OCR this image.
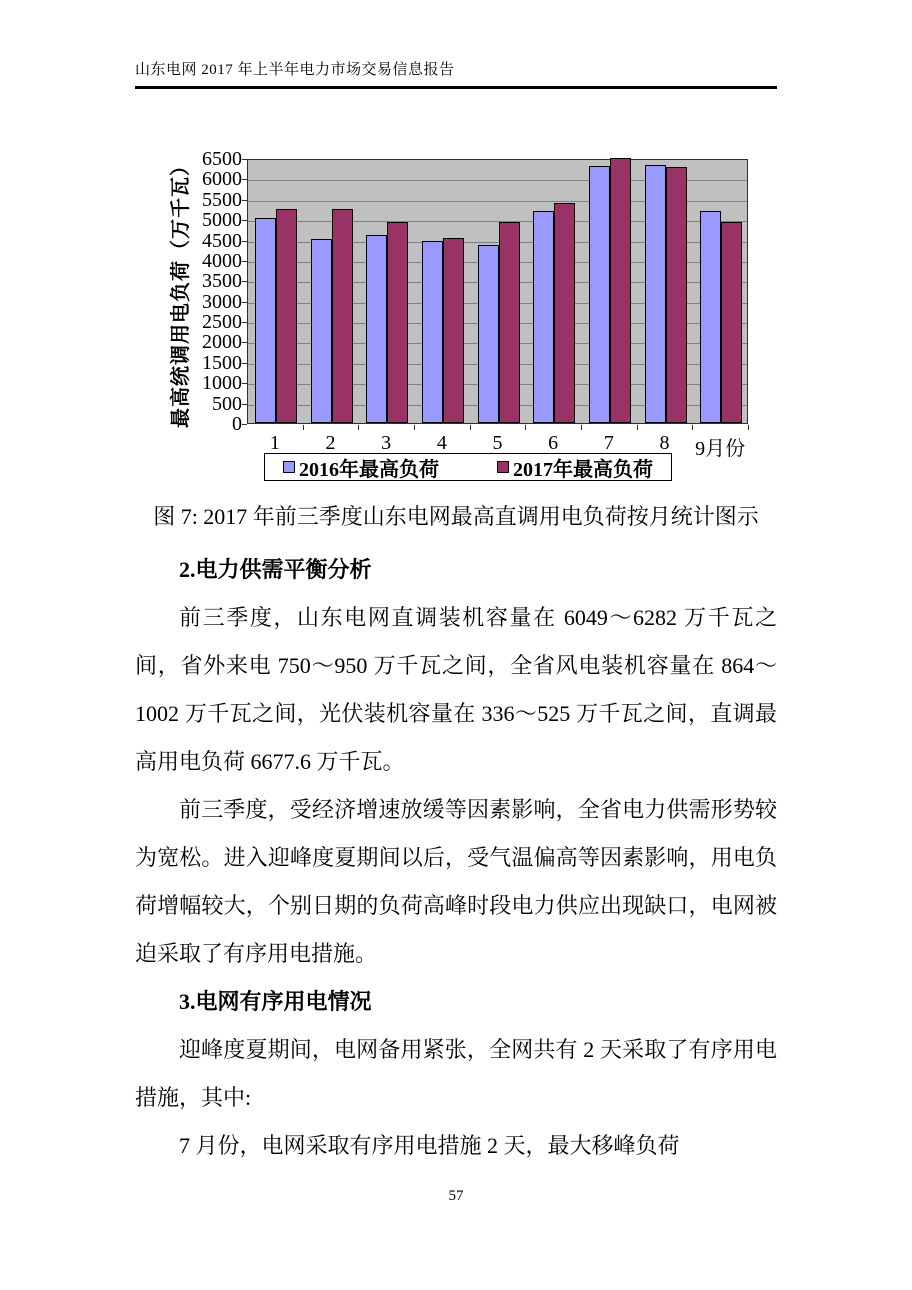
山东电网 2017 年上半年电力市场交易信息报告
最高统调用电负荷（万千瓦）
2016年最高负荷	2017年最高负荷
0
500
1000
1500
2000
2500
3000
3500
4000
4500
5000
5500
6000
6500
1	2	3	4	5	6	7	8	9月份

图 7: 2017 年前三季度山东电网最高直调用电负荷按月统计图示

2.电力供需平衡分析

前三季度，山东电网直调装机容量在 6049～6282 万千瓦之间，省外来电 750～950 万千瓦之间，全省风电装机容量在 864～1002 万千瓦之间，光伏装机容量在 336～525 万千瓦之间，直调最高用电负荷 6677.6 万千瓦。

前三季度，受经济增速放缓等因素影响，全省电力供需形势较为宽松。进入迎峰度夏期间以后，受气温偏高等因素影响，用电负荷增幅较大，个别日期的负荷高峰时段电力供应出现缺口，电网被迫采取了有序用电措施。

3.电网有序用电情况

迎峰度夏期间，电网备用紧张，全网共有 2 天采取了有序用电措施，其中:

7 月份，电网采取有序用电措施 2 天，最大移峰负荷

57
